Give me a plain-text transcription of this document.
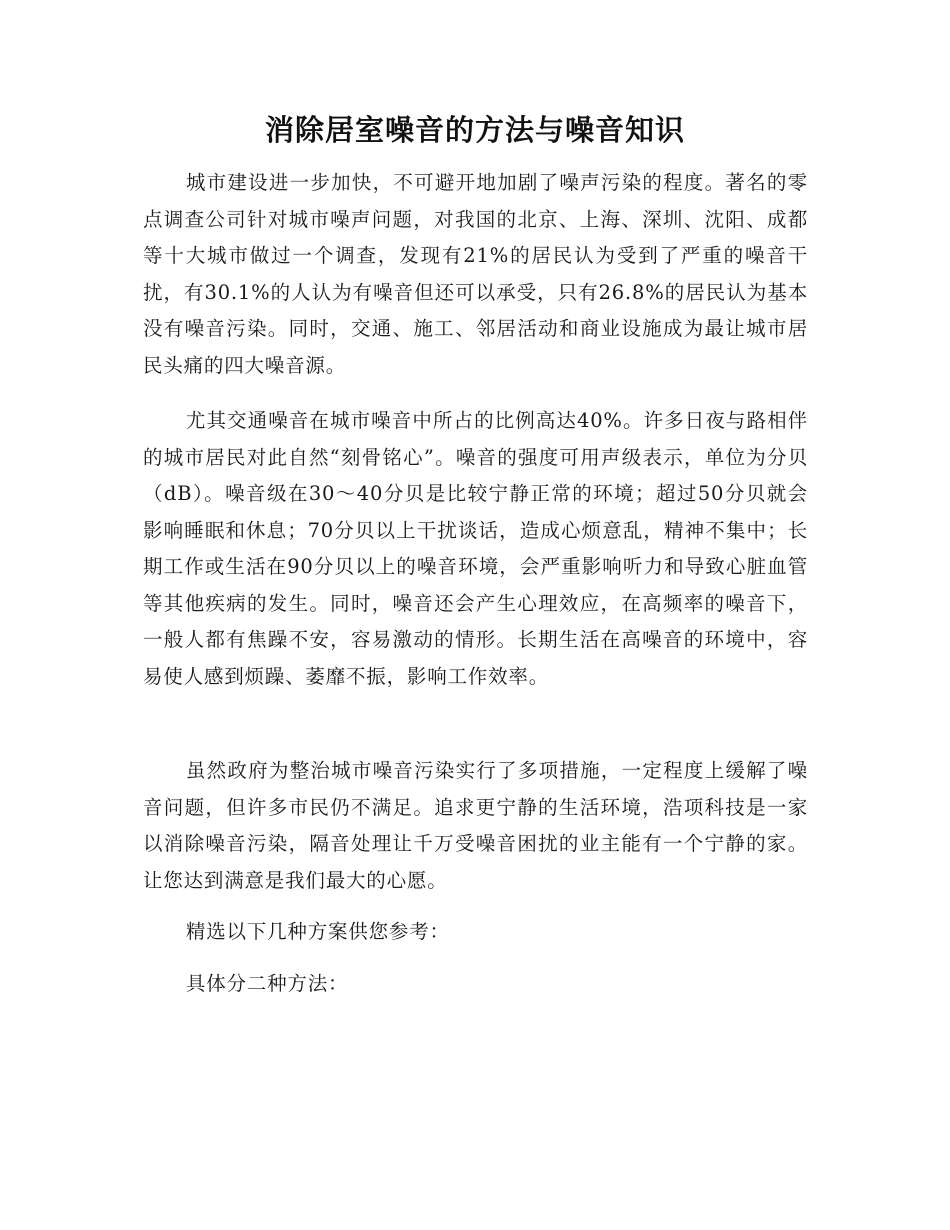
消除居室噪音的方法与噪音知识

城市建设进一步加快，不可避开地加剧了噪声污染的程度。著名的零点调查公司针对城市噪声问题，对我国的北京、上海、深圳、沈阳、成都等十大城市做过一个调查，发现有21%的居民认为受到了严重的噪音干扰，有30.1%的人认为有噪音但还可以承受，只有26.8%的居民认为基本没有噪音污染。同时，交通、施工、邻居活动和商业设施成为最让城市居民头痛的四大噪音源。

尤其交通噪音在城市噪音中所占的比例高达40%。许多日夜与路相伴的城市居民对此自然“刻骨铭心”。噪音的强度可用声级表示，单位为分贝（dB）。噪音级在30～40分贝是比较宁静正常的环境；超过50分贝就会影响睡眠和休息；70分贝以上干扰谈话，造成心烦意乱，精神不集中；长期工作或生活在90分贝以上的噪音环境，会严重影响听力和导致心脏血管等其他疾病的发生。同时，噪音还会产生心理效应，在高频率的噪音下，一般人都有焦躁不安，容易激动的情形。长期生活在高噪音的环境中，容易使人感到烦躁、萎靡不振，影响工作效率。

虽然政府为整治城市噪音污染实行了多项措施，一定程度上缓解了噪音问题，但许多市民仍不满足。追求更宁静的生活环境，浩项科技是一家以消除噪音污染，隔音处理让千万受噪音困扰的业主能有一个宁静的家。让您达到满意是我们最大的心愿。

精选以下几种方案供您参考：

具体分二种方法：
